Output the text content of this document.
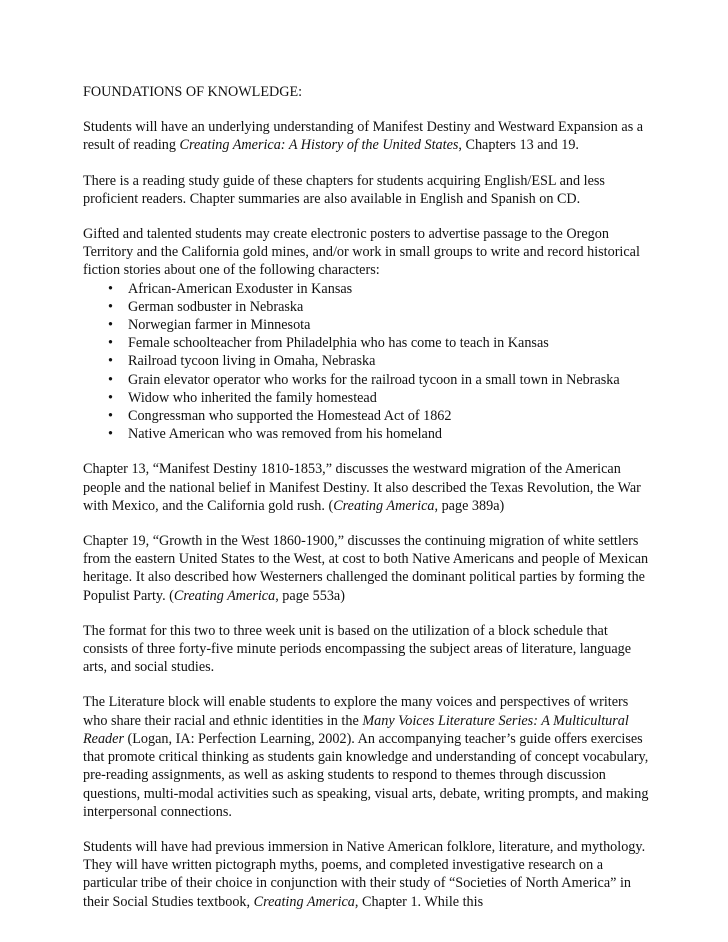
FOUNDATIONS OF KNOWLEDGE:

Students will have an underlying understanding of Manifest Destiny and Westward Expansion as a result of reading Creating America: A History of the United States, Chapters 13 and 19.

There is a reading study guide of these chapters for students acquiring English/ESL and less proficient readers. Chapter summaries are also available in English and Spanish on CD.

Gifted and talented students may create electronic posters to advertise passage to the Oregon Territory and the California gold mines, and/or work in small groups to write and record historical fiction stories about one of the following characters:

• African-American Exoduster in Kansas
• German sodbuster in Nebraska
• Norwegian farmer in Minnesota
• Female schoolteacher from Philadelphia who has come to teach in Kansas
• Railroad tycoon living in Omaha, Nebraska
• Grain elevator operator who works for the railroad tycoon in a small town in Nebraska
• Widow who inherited the family homestead
• Congressman who supported the Homestead Act of 1862
• Native American who was removed from his homeland

Chapter 13, “Manifest Destiny 1810-1853,” discusses the westward migration of the American people and the national belief in Manifest Destiny. It also described the Texas Revolution, the War with Mexico, and the California gold rush. (Creating America, page 389a)

Chapter 19, “Growth in the West 1860-1900,” discusses the continuing migration of white settlers from the eastern United States to the West, at cost to both Native Americans and people of Mexican heritage. It also described how Westerners challenged the dominant political parties by forming the Populist Party. (Creating America, page 553a)

The format for this two to three week unit is based on the utilization of a block schedule that consists of three forty-five minute periods encompassing the subject areas of literature, language arts, and social studies.

The Literature block will enable students to explore the many voices and perspectives of writers who share their racial and ethnic identities in the Many Voices Literature Series: A Multicultural Reader (Logan, IA: Perfection Learning, 2002). An accompanying teacher’s guide offers exercises that promote critical thinking as students gain knowledge and understanding of concept vocabulary, pre-reading assignments, as well as asking students to respond to themes through discussion questions, multi-modal activities such as speaking, visual arts, debate, writing prompts, and making interpersonal connections.

Students will have had previous immersion in Native American folklore, literature, and mythology. They will have written pictograph myths, poems, and completed investigative research on a particular tribe of their choice in conjunction with their study of “Societies of North America” in their Social Studies textbook, Creating America, Chapter 1. While this
